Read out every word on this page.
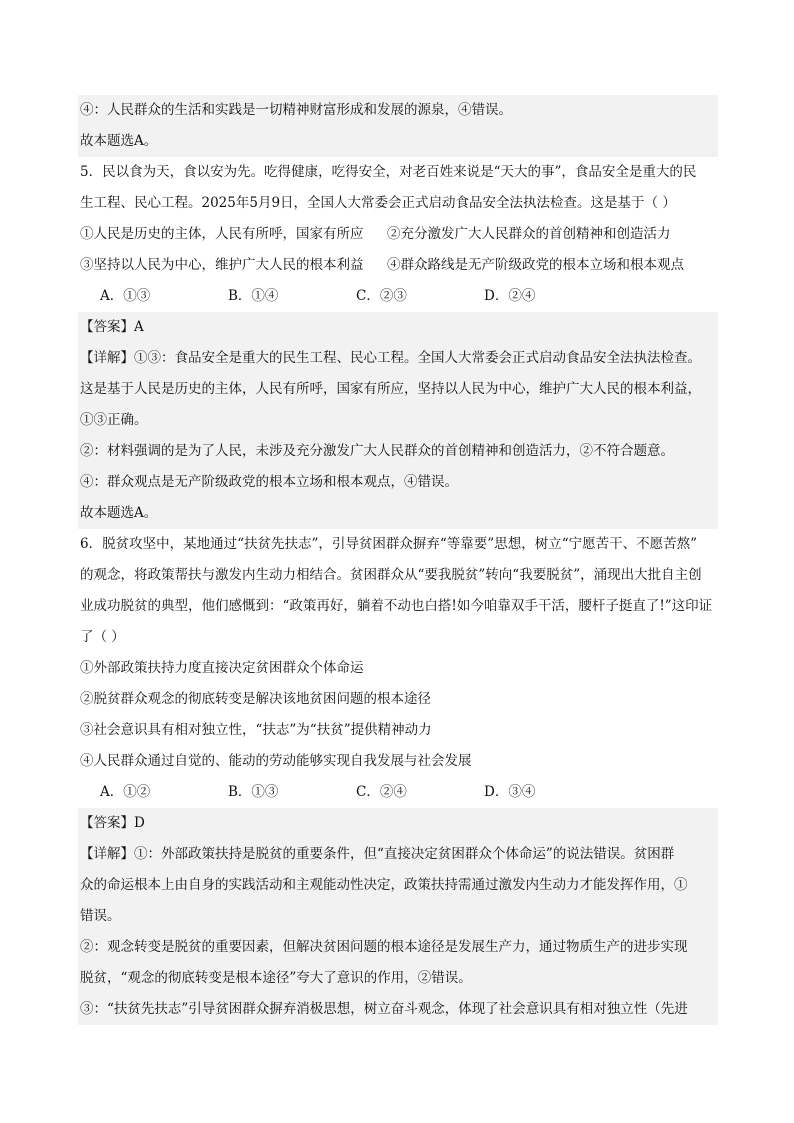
④：人民群众的生活和实践是一切精神财富形成和发展的源泉，④错误。
故本题选A。
5．民以食为天，食以安为先。吃得健康，吃得安全，对老百姓来说是“天大的事”，食品安全是重大的民
生工程、民心工程。2025年5月9日，全国人大常委会正式启动食品安全法执法检查。这是基于（ ）
①人民是历史的主体，人民有所呼，国家有所应 ②充分激发广大人民群众的首创精神和创造活力
③坚持以人民为中心，维护广大人民的根本利益 ④群众路线是无产阶级政党的根本立场和根本观点
A．①③	B．①④	C．②③	D．②④
【答案】A
【详解】①③：食品安全是重大的民生工程、民心工程。全国人大常委会正式启动食品安全法执法检查。
这是基于人民是历史的主体，人民有所呼，国家有所应，坚持以人民为中心，维护广大人民的根本利益，
①③正确。
②：材料强调的是为了人民，未涉及充分激发广大人民群众的首创精神和创造活力，②不符合题意。
④：群众观点是无产阶级政党的根本立场和根本观点，④错误。
故本题选A。
6．脱贫攻坚中，某地通过“扶贫先扶志”，引导贫困群众摒弃“等靠要”思想，树立“宁愿苦干、不愿苦熬”
的观念，将政策帮扶与激发内生动力相结合。贫困群众从“要我脱贫”转向“我要脱贫”，涌现出大批自主创
业成功脱贫的典型，他们感慨到：“政策再好，躺着不动也白搭!如今咱靠双手干活，腰杆子挺直了!”这印证
了（ ）
①外部政策扶持力度直接决定贫困群众个体命运
②脱贫群众观念的彻底转变是解决该地贫困问题的根本途径
③社会意识具有相对独立性，“扶志”为“扶贫”提供精神动力
④人民群众通过自觉的、能动的劳动能够实现自我发展与社会发展
A．①②	B．①③	C．②④	D．③④
【答案】D
【详解】①：外部政策扶持是脱贫的重要条件，但“直接决定贫困群众个体命运”的说法错误。贫困群
众的命运根本上由自身的实践活动和主观能动性决定，政策扶持需通过激发内生动力才能发挥作用，①
错误。
②：观念转变是脱贫的重要因素，但解决贫困问题的根本途径是发展生产力，通过物质生产的进步实现
脱贫，“观念的彻底转变是根本途径”夸大了意识的作用，②错误。
③：“扶贫先扶志”引导贫困群众摒弃消极思想，树立奋斗观念，体现了社会意识具有相对独立性（先进
